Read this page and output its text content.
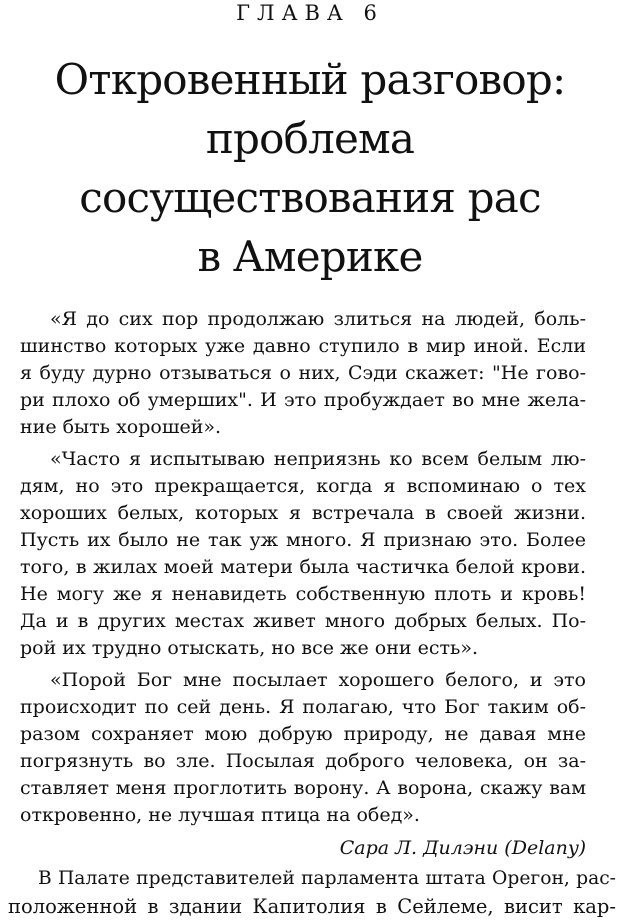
ГЛАВА 6
Откровенный разговор:
проблема
сосуществования рас
в Америке
«Я до сих пор продолжаю злиться на людей, боль-
шинство которых уже давно ступило в мир иной. Если
я буду дурно отзываться о них, Сэди скажет: "Не гово-
ри плохо об умерших". И это пробуждает во мне жела-
ние быть хорошей».
«Часто я испытываю неприязнь ко всем белым лю-
дям, но это прекращается, когда я вспоминаю о тех
хороших белых, которых я встречала в своей жизни.
Пусть их было не так уж много. Я признаю это. Более
того, в жилах моей матери была частичка белой крови.
Не могу же я ненавидеть собственную плоть и кровь!
Да и в других местах живет много добрых белых. По-
рой их трудно отыскать, но все же они есть».
«Порой Бог мне посылает хорошего белого, и это
происходит по сей день. Я полагаю, что Бог таким об-
разом сохраняет мою добрую природу, не давая мне
погрязнуть во зле. Посылая доброго человека, он за-
ставляет меня проглотить ворону. А ворона, скажу вам
откровенно, не лучшая птица на обед».
Сара Л. Дилэни (Delany)
В Палате представителей парламента штата Орегон, рас-
положенной в здании Капитолия в Сейлеме, висит кар-
